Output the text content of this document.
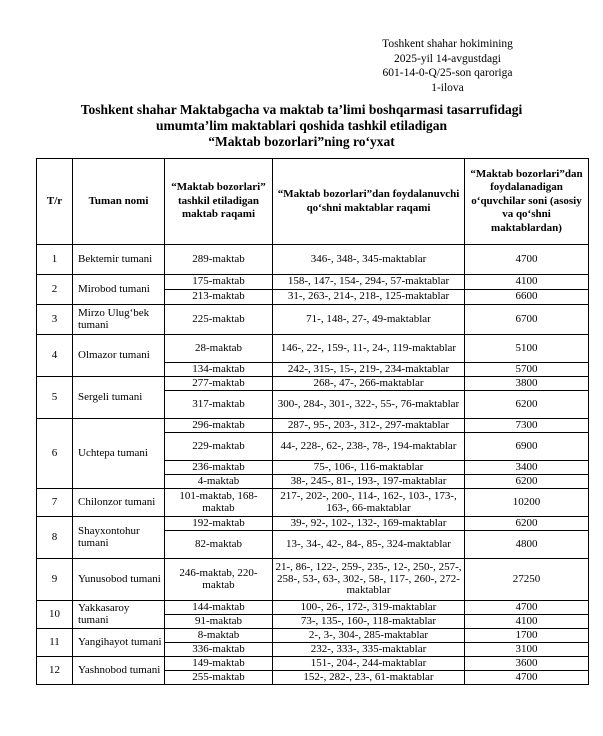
Toshkent shahar hokimining
2025-yil 14-avgustdagi
601-14-0-Q/25-son qaroriga
1-ilova
Toshkent shahar Maktabgacha va maktab ta’limi boshqarmasi tasarrufidagi
umumta’lim maktablari qoshida tashkil etiladigan
“Maktab bozorlari”ning ro‘yxat
T/r	Tuman nomi	“Maktab bozorlari” tashkil etiladigan maktab raqami	“Maktab bozorlari”dan foydalanuvchi qo‘shni maktablar raqami	“Maktab bozorlari”dan foydalanadigan o‘quvchilar soni (asosiy va qo‘shni maktablardan)
1	Bektemir tumani	289-maktab	346-, 348-, 345-maktablar	4700
2	Mirobod tumani	175-maktab	158-, 147-, 154-, 294-, 57-maktablar	4100
		213-maktab	31-, 263-, 214-, 218-, 125-maktablar	6600
3	Mirzo Ulug‘bek tumani	225-maktab	71-, 148-, 27-, 49-maktablar	6700
4	Olmazor tumani	28-maktab	146-, 22-, 159-, 11-, 24-, 119-maktablar	5100
		134-maktab	242-, 315-, 15-, 219-, 234-maktablar	5700
5	Sergeli tumani	277-maktab	268-, 47-, 266-maktablar	3800
		317-maktab	300-, 284-, 301-, 322-, 55-, 76-maktablar	6200
6	Uchtepa tumani	296-maktab	287-, 95-, 203-, 312-, 297-maktablar	7300
		229-maktab	44-, 228-, 62-, 238-, 78-, 194-maktablar	6900
		236-maktab	75-, 106-, 116-maktablar	3400
		4-maktab	38-, 245-, 81-, 193-, 197-maktablar	6200
7	Chilonzor tumani	101-maktab, 168-maktab	217-, 202-, 200-, 114-, 162-, 103-, 173-, 163-, 66-maktablar	10200
8	Shayxontohur tumani	192-maktab	39-, 92-, 102-, 132-, 169-maktablar	6200
		82-maktab	13-, 34-, 42-, 84-, 85-, 324-maktablar	4800
9	Yunusobod tumani	246-maktab, 220-maktab	21-, 86-, 122-, 259-, 235-, 12-, 250-, 257-, 258-, 53-, 63-, 302-, 58-, 117-, 260-, 272-maktablar	27250
10	Yakkasaroy tumani	144-maktab	100-, 26-, 172-, 319-maktablar	4700
		91-maktab	73-, 135-, 160-, 118-maktablar	4100
11	Yangihayot tumani	8-maktab	2-, 3-, 304-, 285-maktablar	1700
		336-maktab	232-, 333-, 335-maktablar	3100
12	Yashnobod tumani	149-maktab	151-, 204-, 244-maktablar	3600
		255-maktab	152-, 282-, 23-, 61-maktablar	4700
